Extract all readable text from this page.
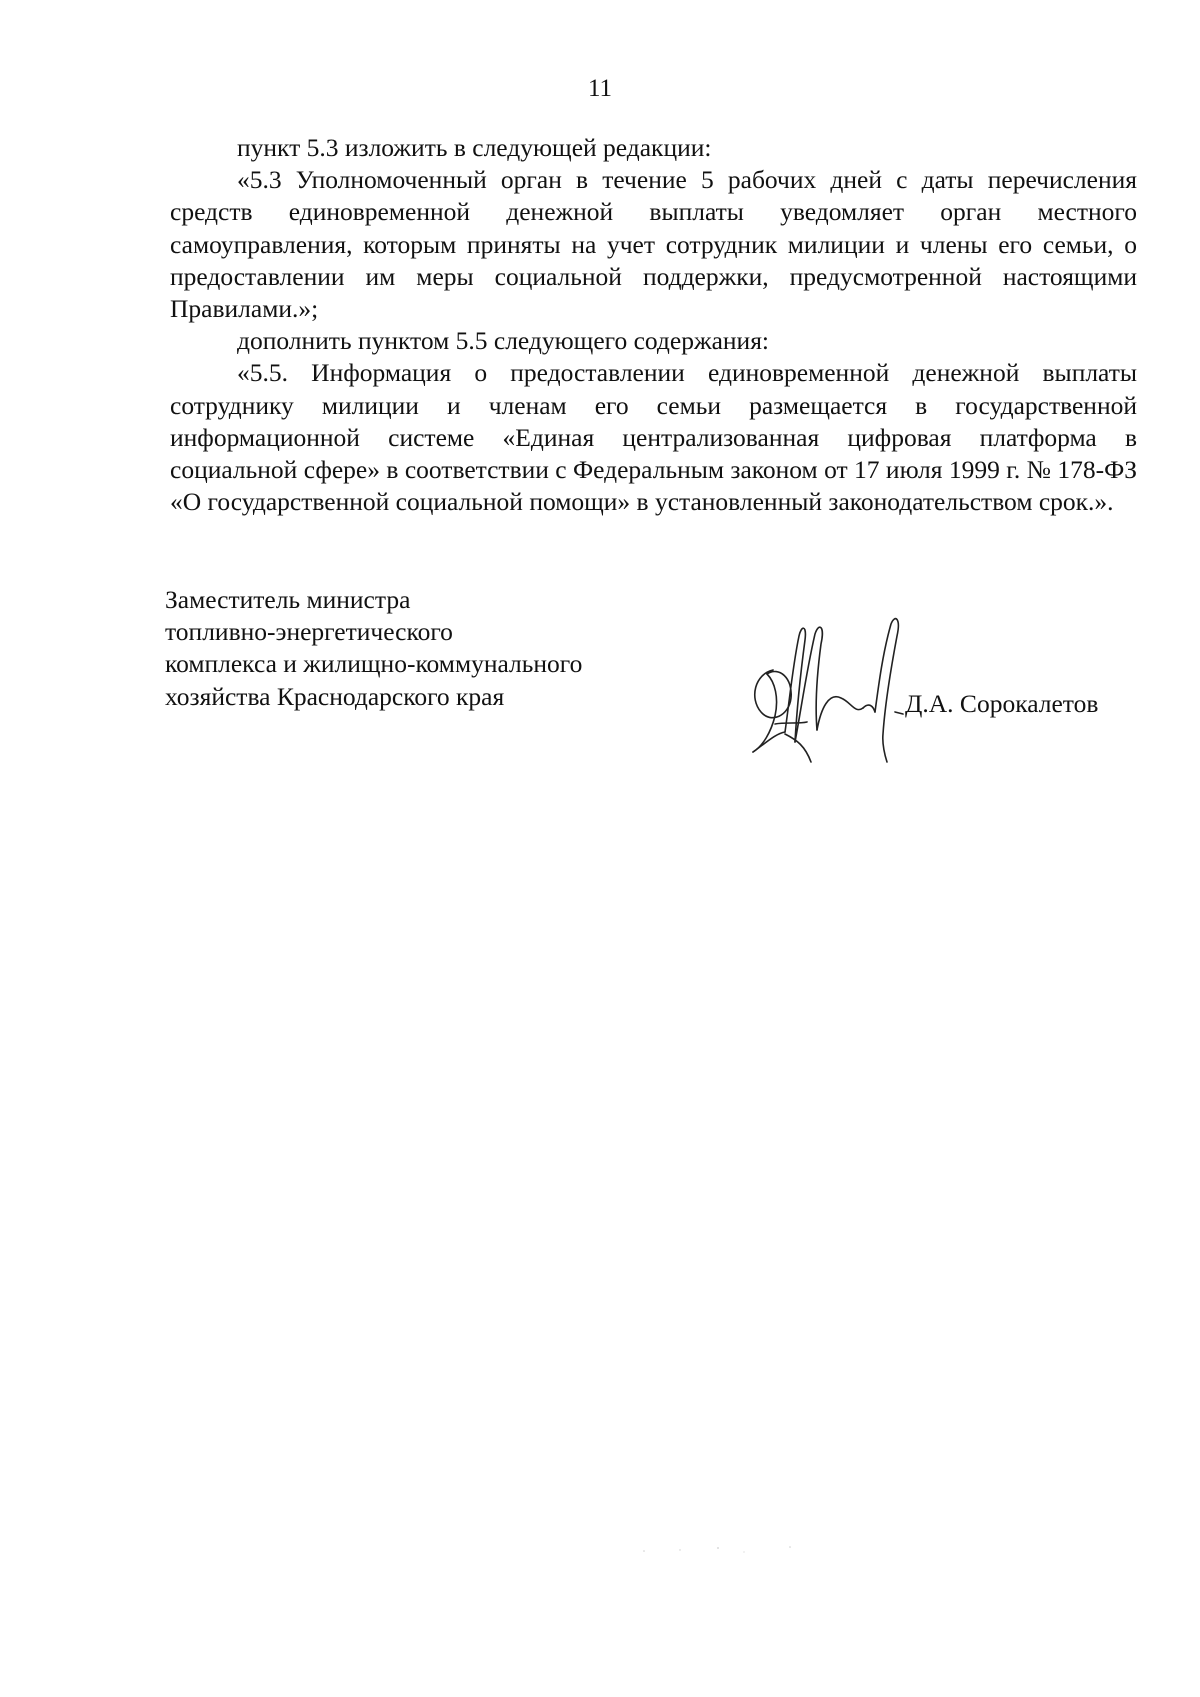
11

пункт 5.3 изложить в следующей редакции:

«5.3 Уполномоченный орган в течение 5 рабочих дней с даты перечисления средств единовременной денежной выплаты уведомляет орган местного самоуправления, которым приняты на учет сотрудник милиции и члены его семьи, о предоставлении им меры социальной поддержки, предусмотренной настоящими Правилами.»;

дополнить пунктом 5.5 следующего содержания:

«5.5. Информация о предоставлении единовременной денежной выплаты сотруднику милиции и членам его семьи размещается в государственной информационной системе «Единая централизованная цифровая платформа в социальной сфере» в соответствии с Федеральным законом от 17 июля 1999 г. № 178-ФЗ «О государственной социальной помощи» в установленный законодательством срок.».

Заместитель министра
топливно-энергетического
комплекса и жилищно-коммунального
хозяйства Краснодарского края	Д.А. Сорокалетов
